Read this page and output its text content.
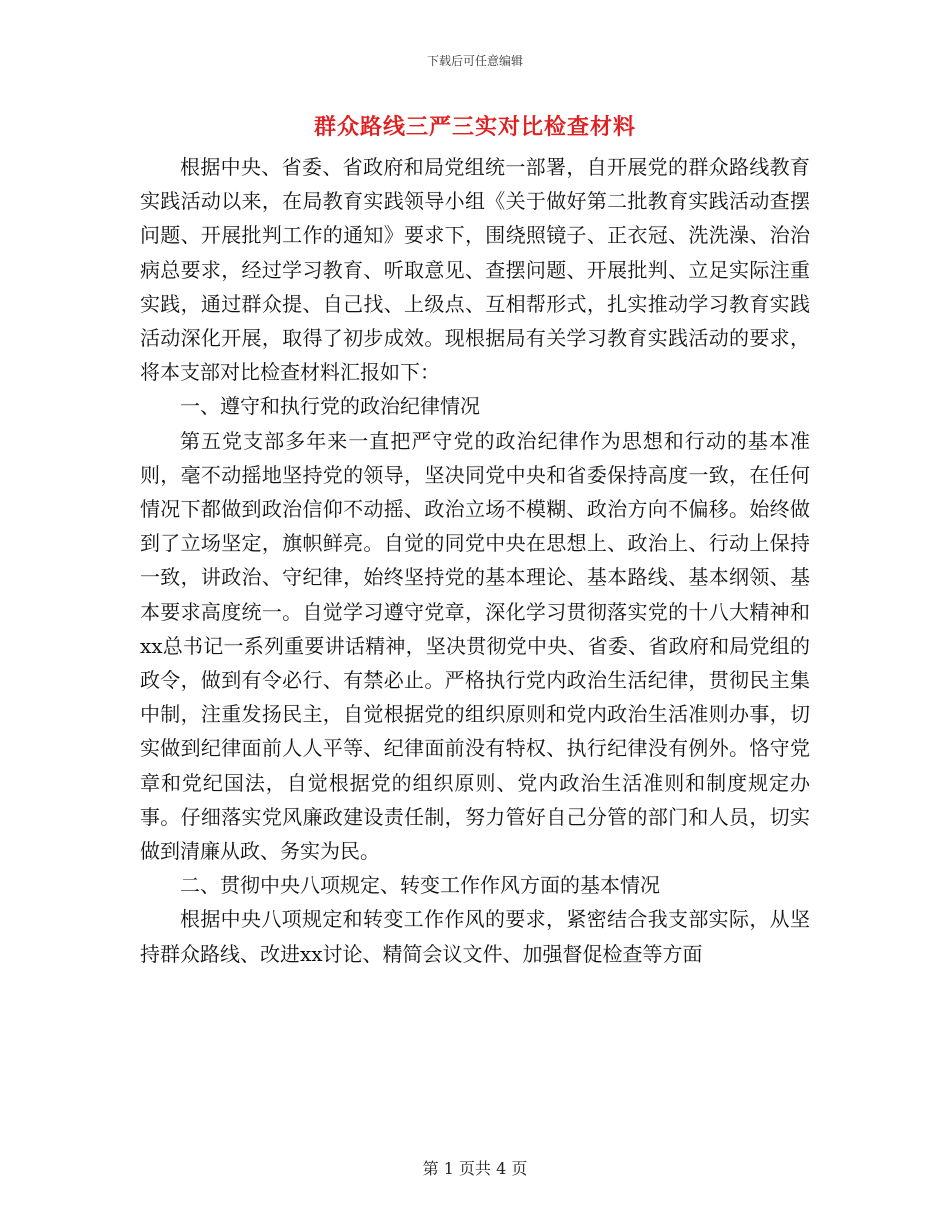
下载后可任意编辑
群众路线三严三实对比检查材料

根据中央、省委、省政府和局党组统一部署，自开展党的群众路线教育实践活动以来，在局教育实践领导小组《关于做好第二批教育实践活动查摆问题、开展批判工作的通知》要求下，围绕照镜子、正衣冠、洗洗澡、治治病总要求，经过学习教育、听取意见、查摆问题、开展批判、立足实际注重实践，通过群众提、自己找、上级点、互相帮形式，扎实推动学习教育实践活动深化开展，取得了初步成效。现根据局有关学习教育实践活动的要求，将本支部对比检查材料汇报如下：

一、遵守和执行党的政治纪律情况

第五党支部多年来一直把严守党的政治纪律作为思想和行动的基本准则，毫不动摇地坚持党的领导，坚决同党中央和省委保持高度一致，在任何情况下都做到政治信仰不动摇、政治立场不模糊、政治方向不偏移。始终做到了立场坚定，旗帜鲜亮。自觉的同党中央在思想上、政治上、行动上保持一致，讲政治、守纪律，始终坚持党的基本理论、基本路线、基本纲领、基本要求高度统一。自觉学习遵守党章，深化学习贯彻落实党的十八大精神和xx总书记一系列重要讲话精神，坚决贯彻党中央、省委、省政府和局党组的政令，做到有令必行、有禁必止。严格执行党内政治生活纪律，贯彻民主集中制，注重发扬民主，自觉根据党的组织原则和党内政治生活准则办事，切实做到纪律面前人人平等、纪律面前没有特权、执行纪律没有例外。恪守党章和党纪国法，自觉根据党的组织原则、党内政治生活准则和制度规定办事。仔细落实党风廉政建设责任制，努力管好自己分管的部门和人员，切实做到清廉从政、务实为民。

二、贯彻中央八项规定、转变工作作风方面的基本情况

根据中央八项规定和转变工作作风的要求，紧密结合我支部实际，从坚持群众路线、改进xx讨论、精简会议文件、加强督促检查等方面

第 1 页共 4 页
